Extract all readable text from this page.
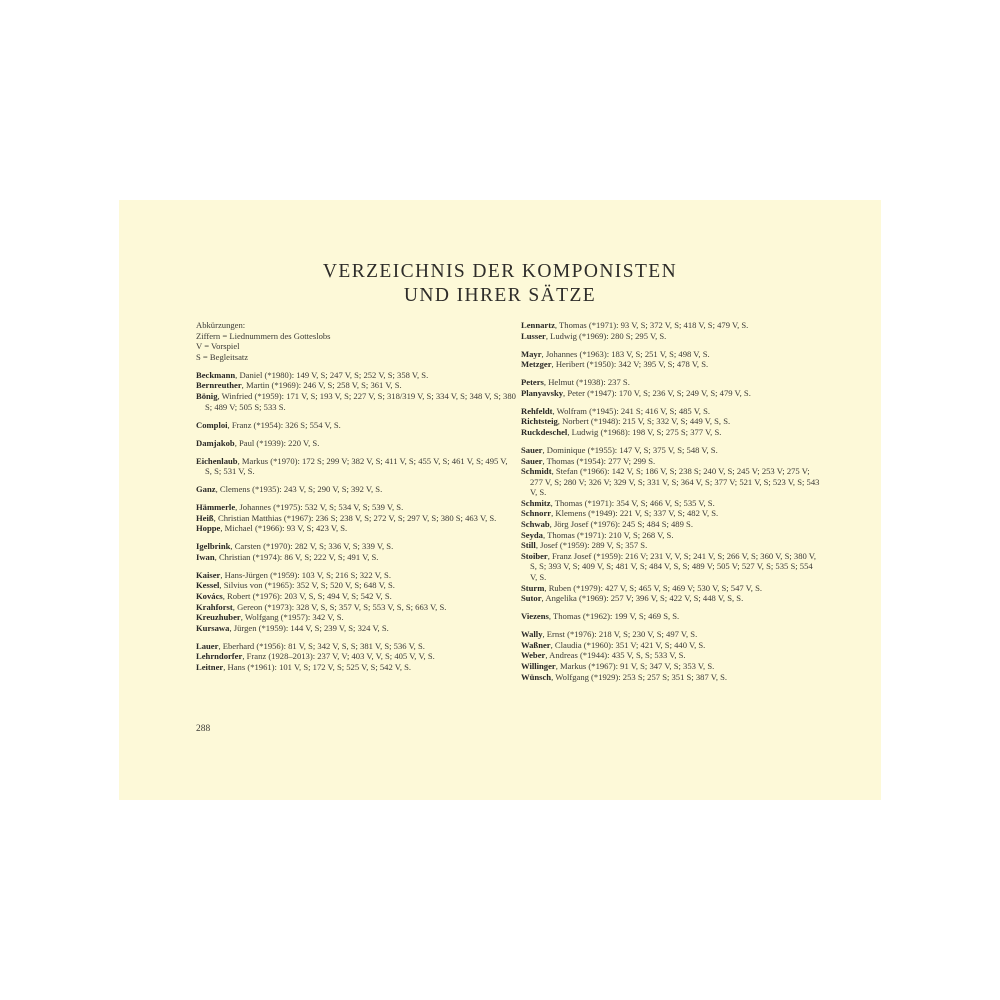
VERZEICHNIS DER KOMPONISTEN
UND IHRER SÄTZE
Abkürzungen:
Ziffern = Liednummern des Gotteslobs
V = Vorspiel
S = Begleitsatz
Beckmann, Daniel (*1980): 149 V, S; 247 V, S; 252 V, S; 358 V, S.
Bernreuther, Martin (*1969): 246 V, S; 258 V, S; 361 V, S.
Bönig, Winfried (*1959): 171 V, S; 193 V, S; 227 V, S; 318/319 V, S; 334 V, S; 348 V, S; 380 S; 489 V; 505 S; 533 S.
Comploi, Franz (*1954): 326 S; 554 V, S.
Damjakob, Paul (*1939): 220 V, S.
Eichenlaub, Markus (*1970): 172 S; 299 V; 382 V, S; 411 V, S; 455 V, S; 461 V, S; 495 V, S, S; 531 V, S.
Ganz, Clemens (*1935): 243 V, S; 290 V, S; 392 V, S.
Hämmerle, Johannes (*1975): 532 V, S; 534 V, S; 539 V, S.
Heiß, Christian Matthias (*1967): 236 S; 238 V, S; 272 V, S; 297 V, S; 380 S; 463 V, S.
Hoppe, Michael (*1966): 93 V, S; 423 V, S.
Igelbrink, Carsten (*1970): 282 V, S; 336 V, S; 339 V, S.
Iwan, Christian (*1974): 86 V, S; 222 V, S; 491 V, S.
Kaiser, Hans-Jürgen (*1959): 103 V, S; 216 S; 322 V, S.
Kessel, Silvius von (*1965): 352 V, S; 520 V, S; 648 V, S.
Kovács, Robert (*1976): 203 V, S, S; 494 V, S; 542 V, S.
Krahforst, Gereon (*1973): 328 V, S, S; 357 V, S; 553 V, S, S; 663 V, S.
Kreuzhuber, Wolfgang (*1957): 342 V, S.
Kursawa, Jürgen (*1959): 144 V, S; 239 V, S; 324 V, S.
Lauer, Eberhard (*1956): 81 V, S; 342 V, S, S; 381 V, S; 536 V, S.
Lehrndorfer, Franz (1928–2013): 237 V, V; 403 V, V, S; 405 V, V, S.
Leitner, Hans (*1961): 101 V, S; 172 V, S; 525 V, S; 542 V, S.
Lennartz, Thomas (*1971): 93 V, S; 372 V, S; 418 V, S; 479 V, S.
Lusser, Ludwig (*1969): 280 S; 295 V, S.
Mayr, Johannes (*1963): 183 V, S; 251 V, S; 498 V, S.
Metzger, Heribert (*1950): 342 V; 395 V, S; 478 V, S.
Peters, Helmut (*1938): 237 S.
Planyavsky, Peter (*1947): 170 V, S; 236 V, S; 249 V, S; 479 V, S.
Rehfeldt, Wolfram (*1945): 241 S; 416 V, S; 485 V, S.
Richtsteig, Norbert (*1948): 215 V, S; 332 V, S; 449 V, S, S.
Ruckdeschel, Ludwig (*1968): 198 V, S; 275 S; 377 V, S.
Sauer, Dominique (*1955): 147 V, S; 375 V, S; 548 V, S.
Sauer, Thomas (*1954): 277 V; 299 S.
Schmidt, Stefan (*1966): 142 V, S; 186 V, S; 238 S; 240 V, S; 245 V; 253 V; 275 V; 277 V, S; 280 V; 326 V; 329 V, S; 331 V, S; 364 V, S; 377 V; 521 V, S; 523 V, S; 543 V, S.
Schmitz, Thomas (*1971): 354 V, S; 466 V, S; 535 V, S.
Schnorr, Klemens (*1949): 221 V, S; 337 V, S; 482 V, S.
Schwab, Jörg Josef (*1976): 245 S; 484 S; 489 S.
Seyda, Thomas (*1971): 210 V, S; 268 V, S.
Still, Josef (*1959): 289 V, S; 357 S.
Stoiber, Franz Josef (*1959): 216 V; 231 V, V, S; 241 V, S; 266 V, S; 360 V, S; 380 V, S, S; 393 V, S; 409 V, S; 481 V, S; 484 V, S, S; 489 V; 505 V; 527 V, S; 535 S; 554 V, S.
Sturm, Ruben (*1979): 427 V, S; 465 V, S; 469 V; 530 V, S; 547 V, S.
Sutor, Angelika (*1969): 257 V; 396 V, S; 422 V, S; 448 V, S, S.
Viezens, Thomas (*1962): 199 V, S; 469 S, S.
Wally, Ernst (*1976): 218 V, S; 230 V, S; 497 V, S.
Waßner, Claudia (*1960): 351 V; 421 V, S; 440 V, S.
Weber, Andreas (*1944): 435 V, S, S; 533 V, S.
Willinger, Markus (*1967): 91 V, S; 347 V, S; 353 V, S.
Wünsch, Wolfgang (*1929): 253 S; 257 S; 351 S; 387 V, S.
288
